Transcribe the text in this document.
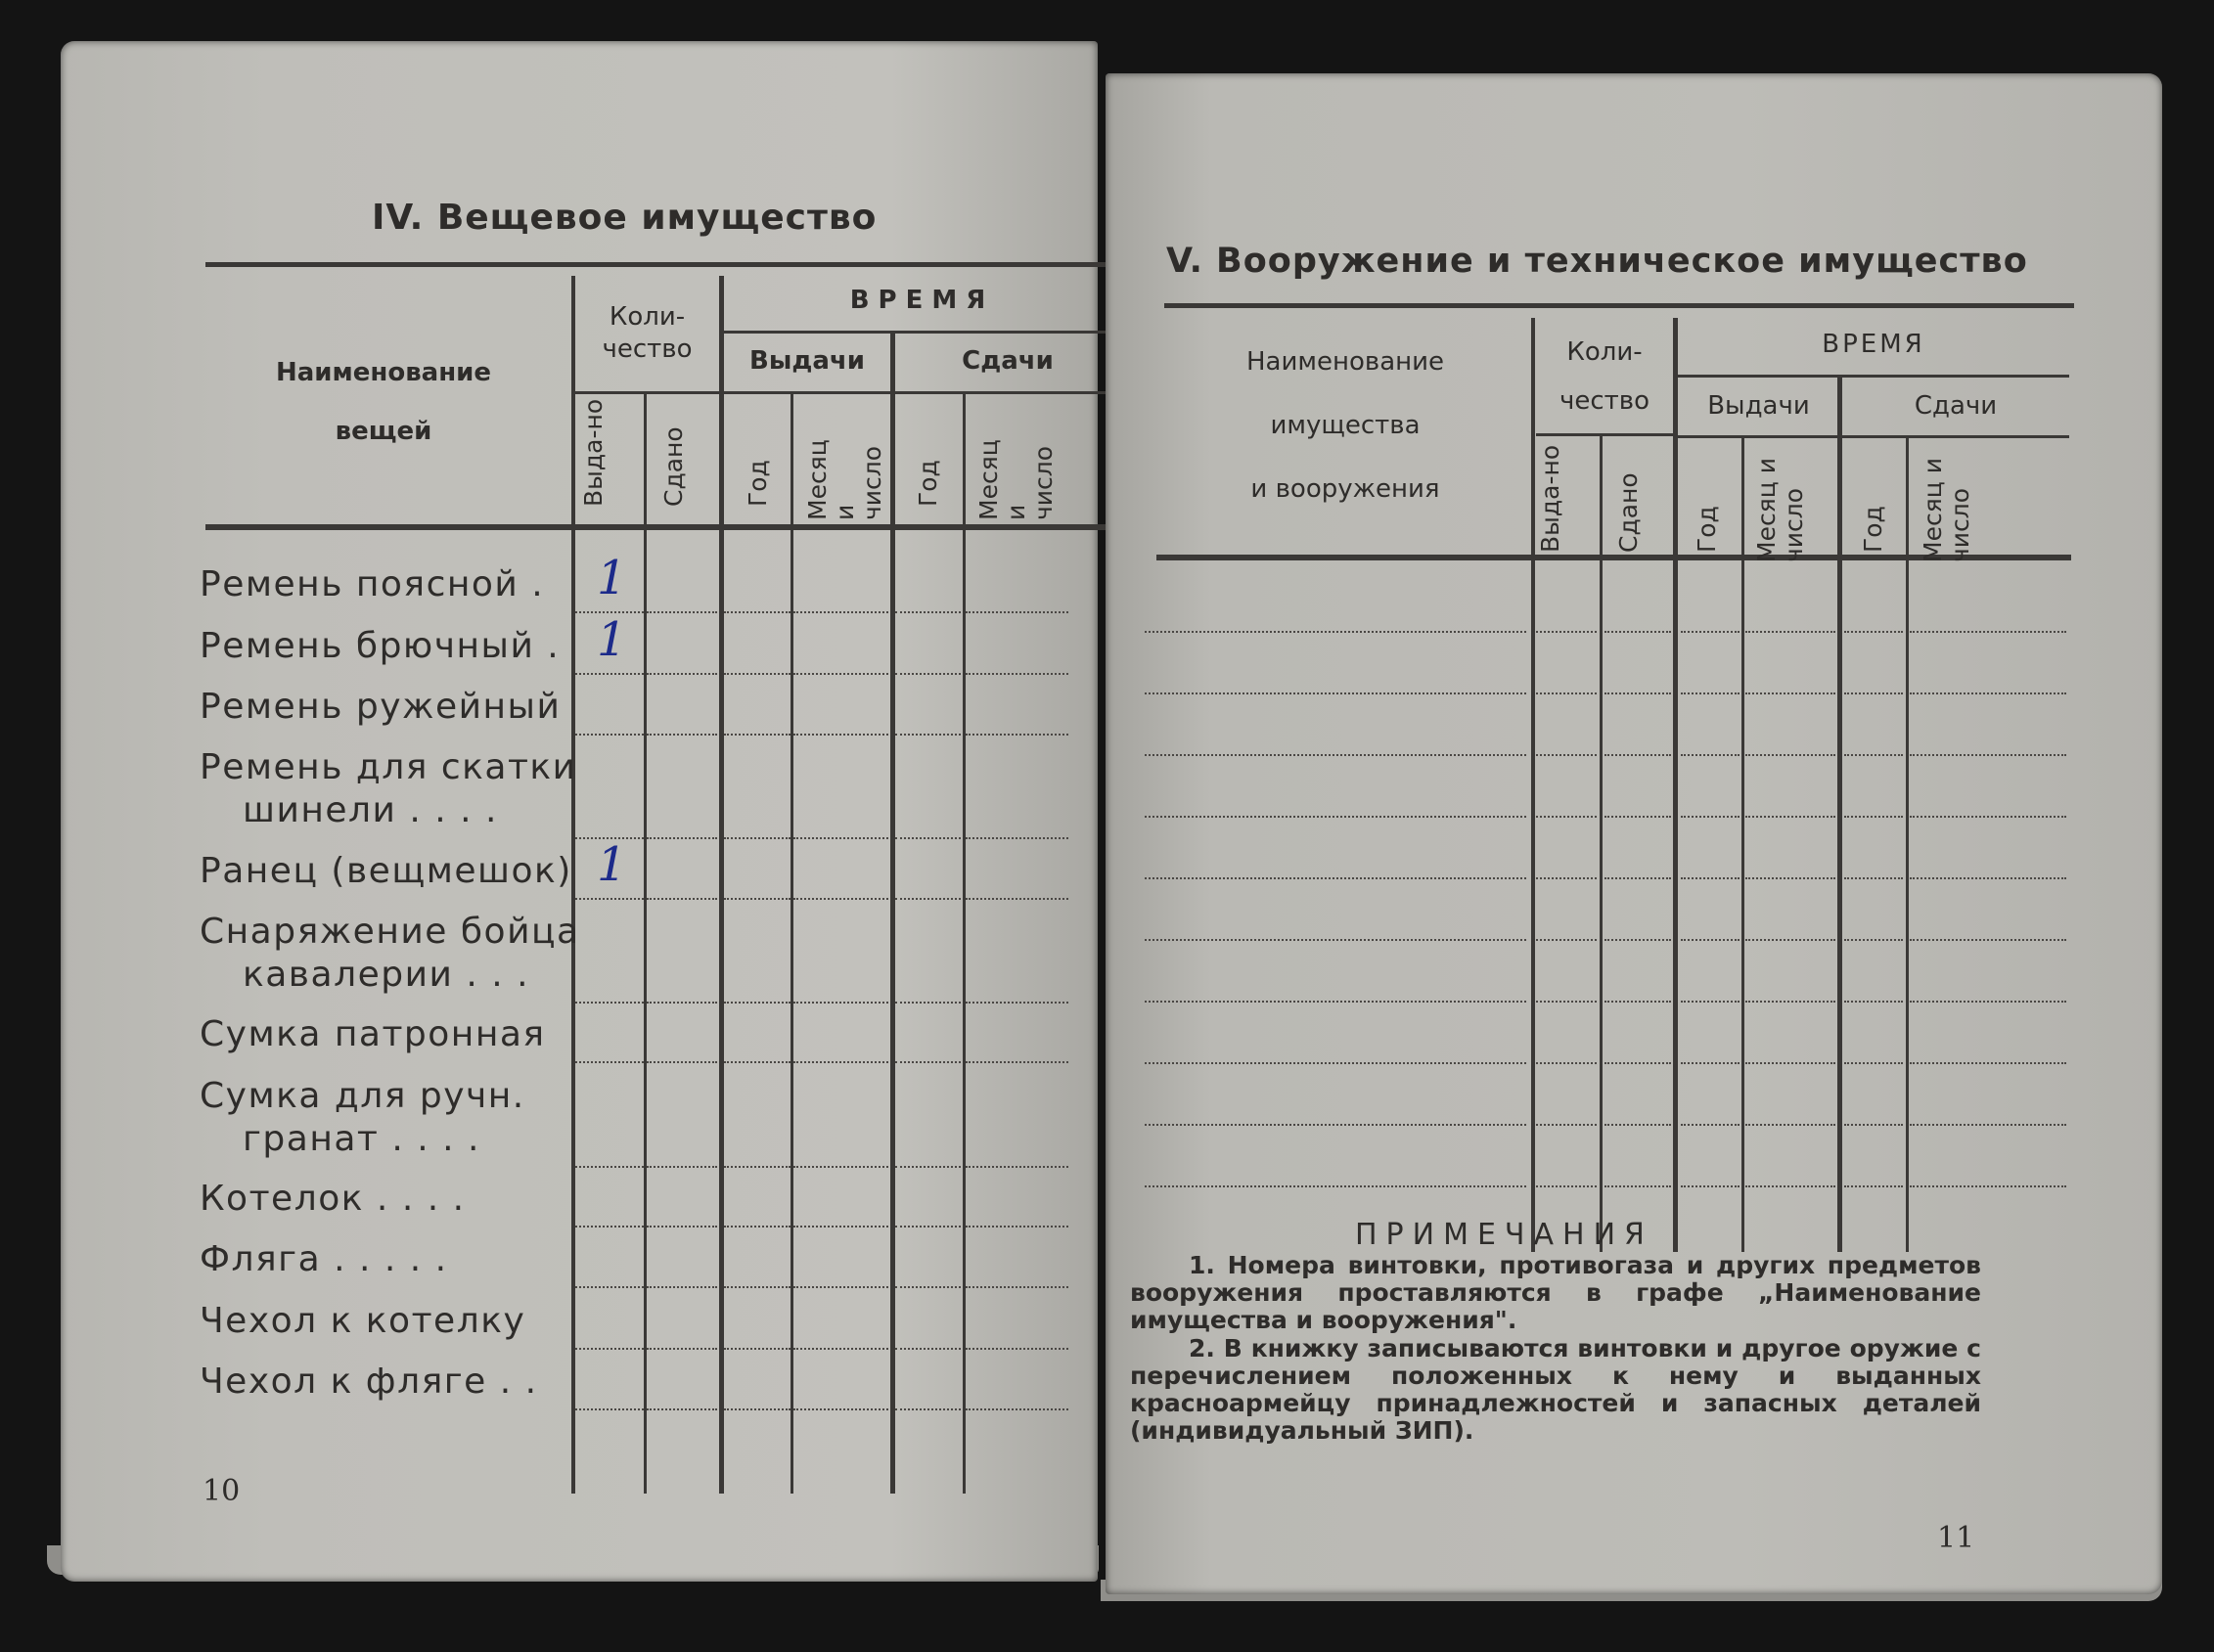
IV. Вещевое имущество
Наименование
вещей
Коли-
чество
ВРЕМЯ
Выдачи	Сдачи
Выда-но Сдано Год Месяц и число Год Месяц и число
Ремень поясной . 1
Ремень брючный . 1
Ремень ружейный
Ремень для скатки
шинели . . . .
Ранец (вещмешок) 1
Снаряжение бойца
кавалерии . . .
Сумка патронная
Сумка для ручн.
гранат . . . .
Котелок . . . .
Фляга . . . . .
Чехол к котелку
Чехол к фляге . .
10
V. Вооружение и техническое имущество
Наименование
имущества
и вооружения
Коли-
чество
ВРЕМЯ
Выдачи	Сдачи
Выда-но Сдано Год Месяц и число Год Месяц и число
ПРИМЕЧАНИЯ
1. Номера винтовки, противогаза и других предметов вооружения проставляются в графе „Наименование имущества и вооружения".
2. В книжку записываются винтовки и другое оружие с перечислением положенных к нему и выданных красноармейцу принадлежностей и запасных деталей (индивидуальный ЗИП).
11
